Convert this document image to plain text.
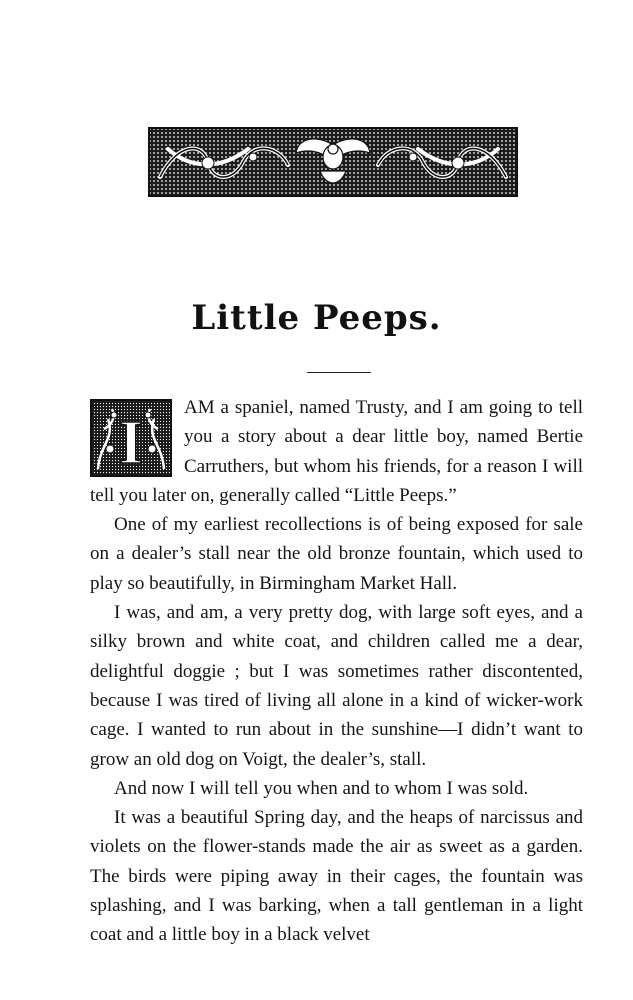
Little Peeps.

I
AM a spaniel, named Trusty, and I am going to tell you a story about a dear little boy, named Bertie Carruthers, but whom his friends, for a reason I will tell you later on, generally called “Little Peeps.”

One of my earliest recollections is of being exposed for sale on a dealer’s stall near the old bronze fountain, which used to play so beautifully, in Birmingham Market Hall.

I was, and am, a very pretty dog, with large soft eyes, and a silky brown and white coat, and children called me a dear, delightful doggie ; but I was sometimes rather discontented, because I was tired of living all alone in a kind of wicker-work cage. I wanted to run about in the sunshine—I didn’t want to grow an old dog on Voigt, the dealer’s, stall.

And now I will tell you when and to whom I was sold.

It was a beautiful Spring day, and the heaps of narcissus and violets on the flower-stands made the air as sweet as a garden. The birds were piping away in their cages, the fountain was splashing, and I was barking, when a tall gentleman in a light coat and a little boy in a black velvet
